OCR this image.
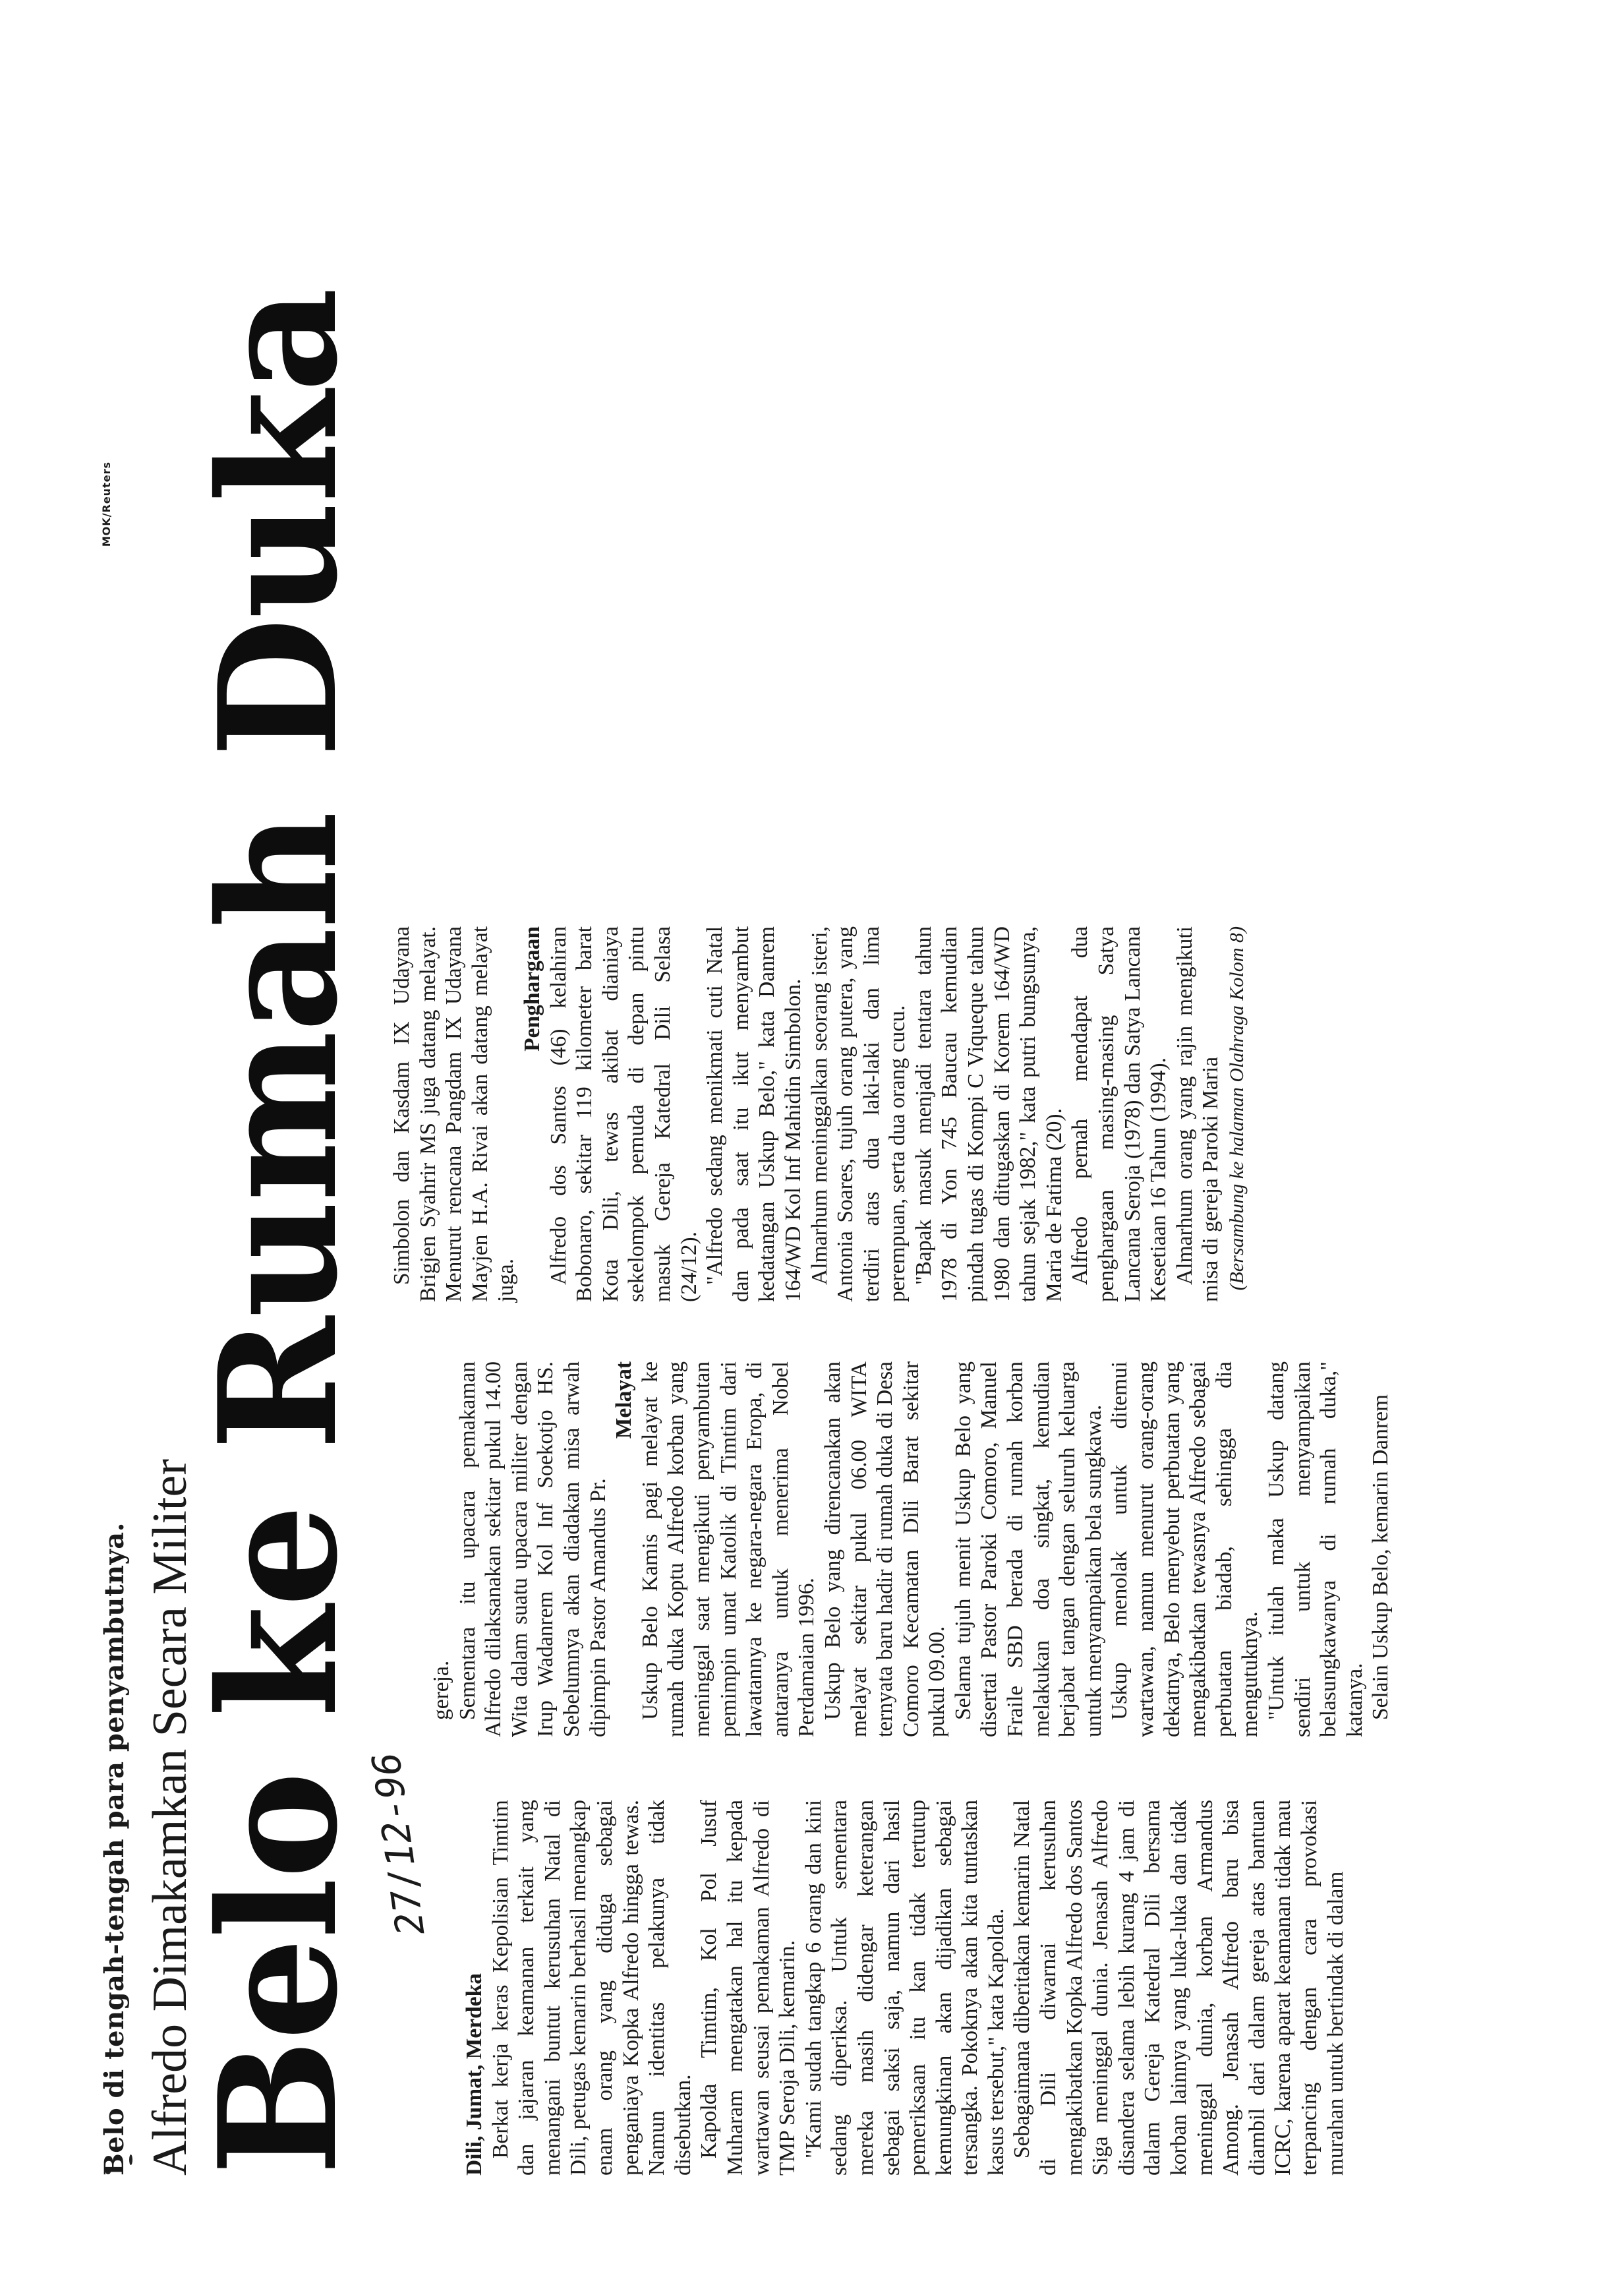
MOK/Reuters
Belo di tengah-tengah para penyambutnya. Alfredo Dimakamkan Secara Militer
Belo ke Rumah Duka
27/12-96

Dili, Jumat, Merdeka Berkat kerja keras Kepolisian Timtim dan jajaran keamanan terkait yang menangani buntut kerusuhan Natal di Dili, petugas kemarin berhasil menangkap enam orang yang diduga sebagai penganiaya Kopka Alfredo hingga tewas. Namun identitas pelakunya tidak disebutkan. Kapolda Timtim, Kol Pol Jusuf Muharam mengatakan hal itu kepada wartawan seusai pemakaman Alfredo di TMP Seroja Dili, kemarin. "Kami sudah tangkap 6 orang dan kini sedang diperiksa. Untuk sementara mereka masih didengar keterangan sebagai saksi saja, namun dari hasil pemeriksaan itu kan tidak tertutup kemungkinan akan dijadikan sebagai tersangka. Pokoknya akan kita tuntaskan kasus tersebut," kata Kapolda. Sebagaimana diberitakan kemarin Natal di Dili diwarnai kerusuhan mengakibatkan Kopka Alfredo dos Santos Siga meninggal dunia. Jenasah Alfredo disandera selama lebih kurang 4 jam di dalam Gereja Katedral Dili bersama korban lainnya yang luka-luka dan tidak meninggal dunia, korban Armandus Among. Jenasah Alfredo baru bisa diambil dari dalam gereja atas bantuan ICRC, karena aparat keamanan tidak mau terpancing dengan cara provokasi murahan untuk bertindak di dalam

gereja. Sementara itu upacara pemakaman Alfredo dilaksanakan sekitar pukul 14.00 Wita dalam suatu upacara militer dengan Irup Wadanrem Kol Inf Soekotjo HS. Sebelumnya akan diadakan misa arwah dipimpin Pastor Amandus Pr.

Melayat Uskup Belo Kamis pagi melayat ke rumah duka Koptu Alfredo korban yang meninggal saat mengikuti penyambutan pemimpin umat Katolik di Timtim dari lawatannya ke negara-negara Eropa, di antaranya untuk menerima Nobel Perdamaian 1996. Uskup Belo yang direncanakan akan melayat sekitar pukul 06.00 WITA ternyata baru hadir di rumah duka di Desa Comoro Kecamatan Dili Barat sekitar pukul 09.00. Selama tujuh menit Uskup Belo yang disertai Pastor Paroki Comoro, Manuel Fraile SBD berada di rumah korban melakukan doa singkat, kemudian berjabat tangan dengan seluruh keluarga untuk menyampaikan bela sungkawa. Uskup menolak untuk ditemui wartawan, namun menurut orang-orang dekatnya, Belo menyebut perbuatan yang mengakibatkan tewasnya Alfredo sebagai perbuatan biadab, sehingga dia mengutuknya. "Untuk itulah maka Uskup datang sendiri untuk menyampaikan belasungkawanya di rumah duka," katanya. Selain Uskup Belo, kemarin Danrem

Simbolon dan Kasdam IX Udayana Brigjen Syahrir MS juga datang melayat. Menurut rencana Pangdam IX Udayana Mayjen H.A. Rivai akan datang melayat juga.

Penghargaan Alfredo dos Santos (46) kelahiran Bobonaro, sekitar 119 kilometer barat Kota Dili, tewas akibat dianiaya sekelompok pemuda di depan pintu masuk Gereja Katedral Dili Selasa (24/12). "Alfredo sedang menikmati cuti Natal dan pada saat itu ikut menyambut kedatangan Uskup Belo," kata Danrem 164/WD Kol Inf Mahidin Simbolon. Almarhum meninggalkan seorang isteri, Antonia Soares, tujuh orang putera, yang terdiri atas dua laki-laki dan lima perempuan, serta dua orang cucu. "Bapak masuk menjadi tentara tahun 1978 di Yon 745 Baucau kemudian pindah tugas di Kompi C Viqueque tahun 1980 dan ditugaskan di Korem 164/WD tahun sejak 1982," kata putri bungsunya, Maria de Fatima (20). Alfredo pernah mendapat dua penghargaan masing-masing Satya Lancana Seroja (1978) dan Satya Lancana Kesetiaan 16 Tahun (1994). Almarhum orang yang rajin mengikuti misa di gereja Paroki Maria (Bersambung ke halaman Olahraga Kolom 8)
